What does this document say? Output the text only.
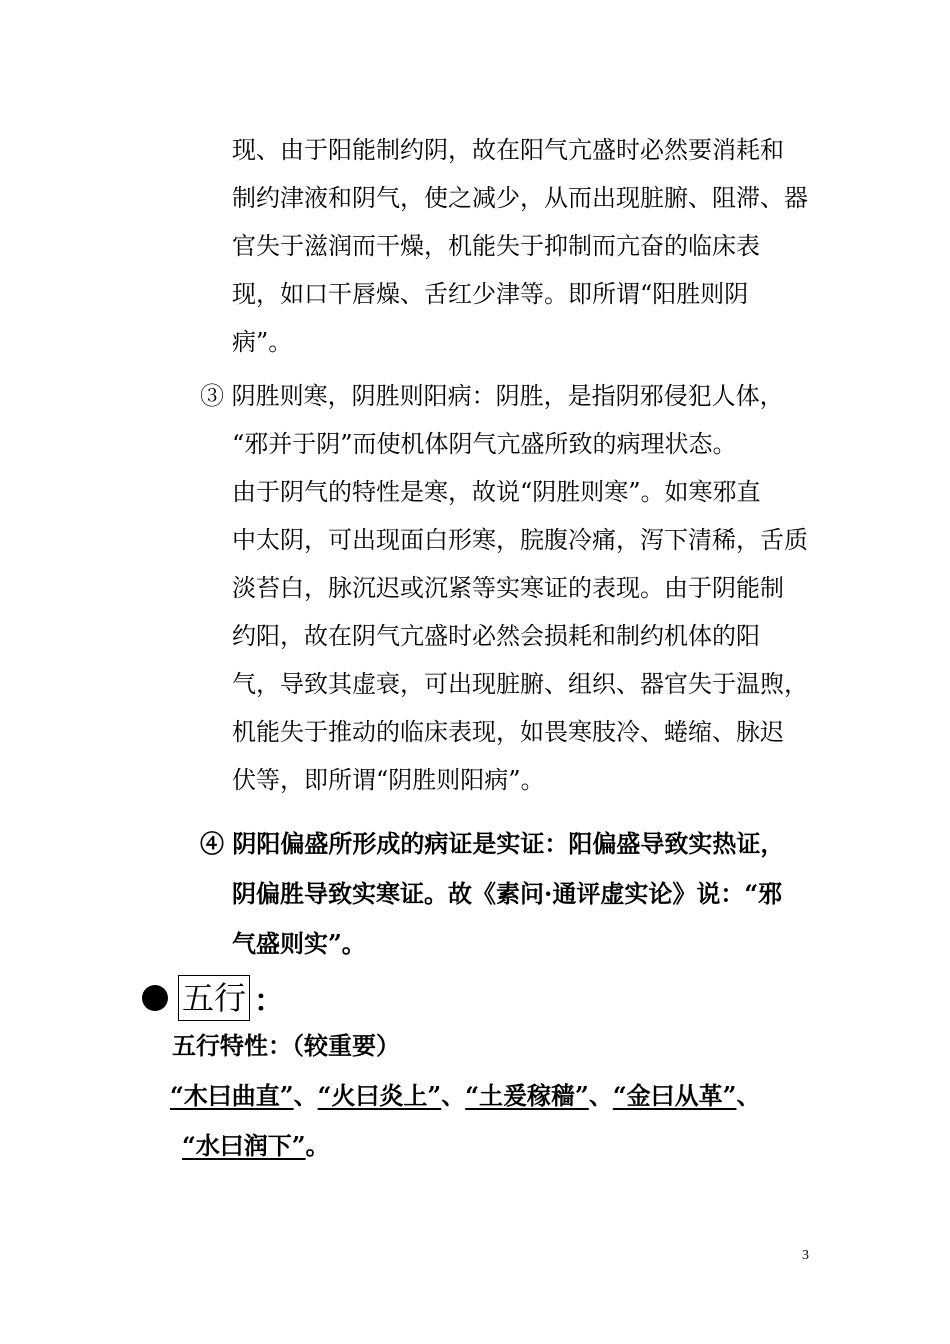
现、由于阳能制约阴，故在阳气亢盛时必然要消耗和
制约津液和阴气，使之减少，从而出现脏腑、阻滞、器
官失于滋润而干燥，机能失于抑制而亢奋的临床表
现，如口干唇燥、舌红少津等。即所谓“阳胜则阴
病”。
③ 阴胜则寒，阴胜则阳病：阴胜，是指阴邪侵犯人体，
“邪并于阴”而使机体阴气亢盛所致的病理状态。
由于阴气的特性是寒，故说“阴胜则寒”。如寒邪直
中太阴，可出现面白形寒，脘腹冷痛，泻下清稀，舌质
淡苔白，脉沉迟或沉紧等实寒证的表现。由于阴能制
约阳，故在阴气亢盛时必然会损耗和制约机体的阳
气，导致其虚衰，可出现脏腑、组织、器官失于温煦，
机能失于推动的临床表现，如畏寒肢冷、蜷缩、脉迟
伏等，即所谓“阴胜则阳病”。
④ 阴阳偏盛所形成的病证是实证：阳偏盛导致实热证，
阴偏胜导致实寒证。故《素问·通评虚实论》说：“邪
气盛则实”。
五行 ：
五行特性：（较重要）
“木曰曲直”、“火曰炎上”、“土爰稼穑”、“金曰从革”、
“水曰润下”。
3
